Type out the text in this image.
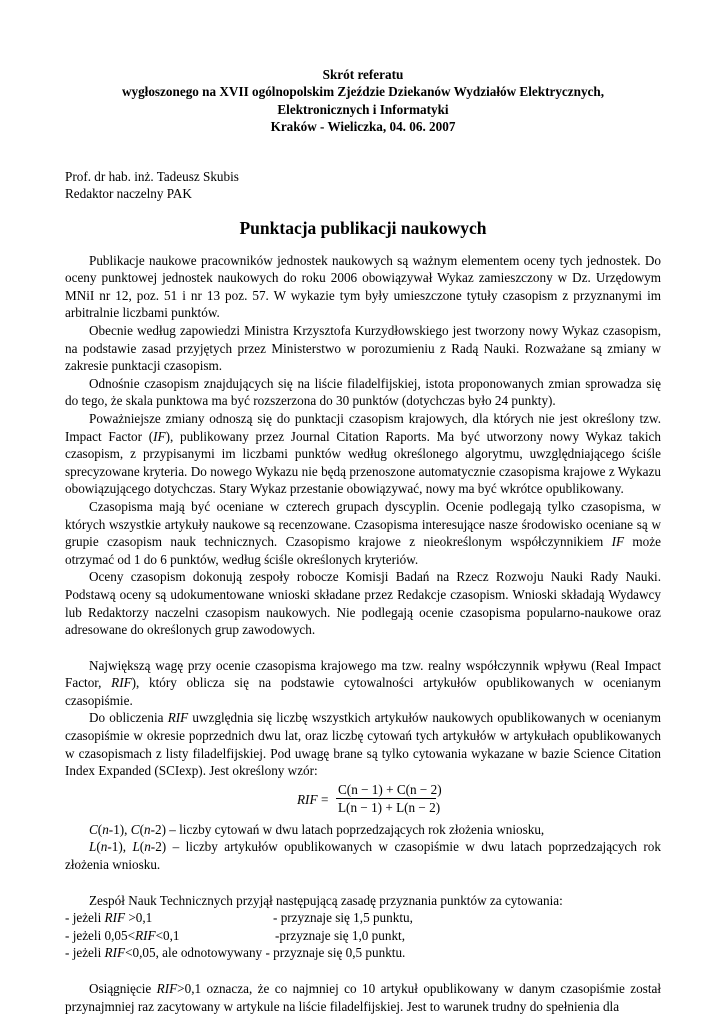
Skrót referatu
wygłoszonego na XVII ogólnopolskim Zjeździe Dziekanów Wydziałów Elektrycznych,
Elektronicznych i Informatyki
Kraków - Wieliczka, 04. 06. 2007
Prof. dr hab. inż. Tadeusz Skubis
Redaktor naczelny PAK
Punktacja publikacji naukowych

Publikacje naukowe pracowników jednostek naukowych są ważnym elementem oceny tych jednostek. Do oceny punktowej jednostek naukowych do roku 2006 obowiązywał Wykaz zamieszczony w Dz. Urzędowym MNiI nr 12, poz. 51 i nr 13 poz. 57. W wykazie tym były umieszczone tytuły czasopism z przyznanymi im arbitralnie liczbami punktów.

Obecnie według zapowiedzi Ministra Krzysztofa Kurzydłowskiego jest tworzony nowy Wykaz czasopism, na podstawie zasad przyjętych przez Ministerstwo w porozumieniu z Radą Nauki. Rozważane są zmiany w zakresie punktacji czasopism.

Odnośnie czasopism znajdujących się na liście filadelfijskiej, istota proponowanych zmian sprowadza się do tego, że skala punktowa ma być rozszerzona do 30 punktów (dotychczas było 24 punkty).

Poważniejsze zmiany odnoszą się do punktacji czasopism krajowych, dla których nie jest określony tzw. Impact Factor (IF), publikowany przez Journal Citation Raports. Ma być utworzony nowy Wykaz takich czasopism, z przypisanymi im liczbami punktów według określonego algorytmu, uwzględniającego ściśle sprecyzowane kryteria. Do nowego Wykazu nie będą przenoszone automatycznie czasopisma krajowe z Wykazu obowiązującego dotychczas. Stary Wykaz przestanie obowiązywać, nowy ma być wkrótce opublikowany.

Czasopisma mają być oceniane w czterech grupach dyscyplin. Ocenie podlegają tylko czasopisma, w których wszystkie artykuły naukowe są recenzowane. Czasopisma interesujące nasze środowisko oceniane są w grupie czasopism nauk technicznych. Czasopismo krajowe z nieokreślonym współczynnikiem IF może otrzymać od 1 do 6 punktów, według ściśle określonych kryteriów.

Oceny czasopism dokonują zespoły robocze Komisji Badań na Rzecz Rozwoju Nauki Rady Nauki. Podstawą oceny są udokumentowane wnioski składane przez Redakcje czasopism. Wnioski składają Wydawcy lub Redaktorzy naczelni czasopism naukowych. Nie podlegają ocenie czasopisma popularno-naukowe oraz adresowane do określonych grup zawodowych.

Największą wagę przy ocenie czasopisma krajowego ma tzw. realny współczynnik wpływu (Real Impact Factor, RIF), który oblicza się na podstawie cytowalności artykułów opublikowanych w ocenianym czasopiśmie.

Do obliczenia RIF uwzględnia się liczbę wszystkich artykułów naukowych opublikowanych w ocenianym czasopiśmie w okresie poprzednich dwu lat, oraz liczbę cytowań tych artykułów w artykułach opublikowanych w czasopismach z listy filadelfijskiej. Pod uwagę brane są tylko cytowania wykazane w bazie Science Citation Index Expanded (SCIexp). Jest określony wzór:

RIF = $\frac{C(n - 1) + C(n - 2)}{L(n - 1) + L(n - 2)}$

C(n-1), C(n-2) – liczby cytowań w dwu latach poprzedzających rok złożenia wniosku,

L(n-1), L(n-2) – liczby artykułów opublikowanych w czasopiśmie w dwu latach poprzedzających rok złożenia wniosku.

Zespół Nauk Technicznych przyjął następującą zasadę przyznania punktów za cytowania:

- jeżeli RIF >0,1	- przyznaje się 1,5 punktu,
- jeżeli 0,05<RIF<0,1	-przyznaje się 1,0 punkt,
- jeżeli RIF<0,05, ale odnotowywany - przyznaje się 0,5 punktu.

Osiągnięcie RIF>0,1 oznacza, że co najmniej co 10 artykuł opublikowany w danym czasopiśmie został przynajmniej raz zacytowany w artykule na liście filadelfijskiej. Jest to warunek trudny do spełnienia dla
